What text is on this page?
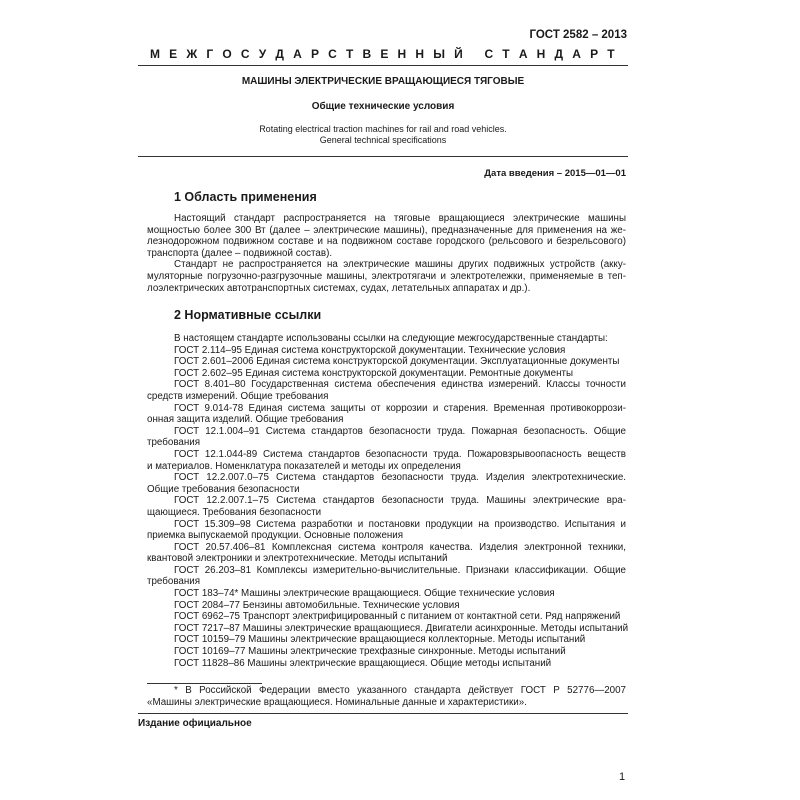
ГОСТ 2582 – 2013
М Е Ж Г О С У Д А Р С Т В Е Н Н Ы Й
С Т А Н Д А Р Т
МАШИНЫ ЭЛЕКТРИЧЕСКИЕ ВРАЩАЮЩИЕСЯ ТЯГОВЫЕ
Общие технические условия
Rotating electrical traction machines for rail and road vehicles.
General technical specifications
Дата введения – 2015—01—01
1 Область применения
Настоящий стандарт распространяется на тяговые вращающиеся электрические машины
мощностью более 300 Вт (далее – электрические машины), предназначенные для применения на же-
лезнодорожном подвижном составе и на подвижном составе городского (рельсового и безрельсового)
транспорта (далее – подвижной состав).
Стандарт не распространяется на электрические машины других подвижных устройств (акку-
муляторные погрузочно-разгрузочные машины, электротягачи и электротележки, применяемые в теп-
лоэлектрических автотранспортных системах, судах, летательных аппаратах и др.).
2 Нормативные ссылки
В настоящем стандарте использованы ссылки на следующие межгосударственные стандарты:
ГОСТ 2.114–95 Единая система конструкторской документации. Технические условия
ГОСТ 2.601–2006 Единая система конструкторской документации. Эксплуатационные документы
ГОСТ 2.602–95 Единая система конструкторской документации. Ремонтные документы
ГОСТ 8.401–80 Государственная система обеспечения единства измерений. Классы точности
средств измерений. Общие требования
ГОСТ 9.014-78 Единая система защиты от коррозии и старения. Временная противокоррози-
онная защита изделий. Общие требования
ГОСТ 12.1.004–91 Система стандартов безопасности труда. Пожарная безопасность. Общие
требования
ГОСТ 12.1.044-89 Система стандартов безопасности труда. Пожаровзрывоопасность веществ
и материалов. Номенклатура показателей и методы их определения
ГОСТ 12.2.007.0–75 Система стандартов безопасности труда. Изделия электротехнические.
Общие требования безопасности
ГОСТ 12.2.007.1–75 Система стандартов безопасности труда. Машины электрические вра-
щающиеся. Требования безопасности
ГОСТ 15.309–98 Система разработки и постановки продукции на производство. Испытания и
приемка выпускаемой продукции. Основные положения
ГОСТ 20.57.406–81 Комплексная система контроля качества. Изделия электронной техники,
квантовой электроники и электротехнические. Методы испытаний
ГОСТ 26.203–81 Комплексы измерительно-вычислительные. Признаки классификации. Общие
требования
ГОСТ 183–74* Машины электрические вращающиеся. Общие технические условия
ГОСТ 2084–77 Бензины автомобильные. Технические условия
ГОСТ 6962–75 Транспорт электрифицированный с питанием от контактной сети. Ряд напряжений
ГОСТ 7217–87 Машины электрические вращающиеся. Двигатели асинхронные. Методы испытаний
ГОСТ 10159–79 Машины электрические вращающиеся коллекторные. Методы испытаний
ГОСТ 10169–77 Машины электрические трехфазные синхронные. Методы испытаний
ГОСТ 11828–86 Машины электрические вращающиеся. Общие методы испытаний
* В Российской Федерации вместо указанного стандарта действует ГОСТ Р 52776—2007
«Машины электрические вращающиеся. Номинальные данные и характеристики».
Издание официальное
1
